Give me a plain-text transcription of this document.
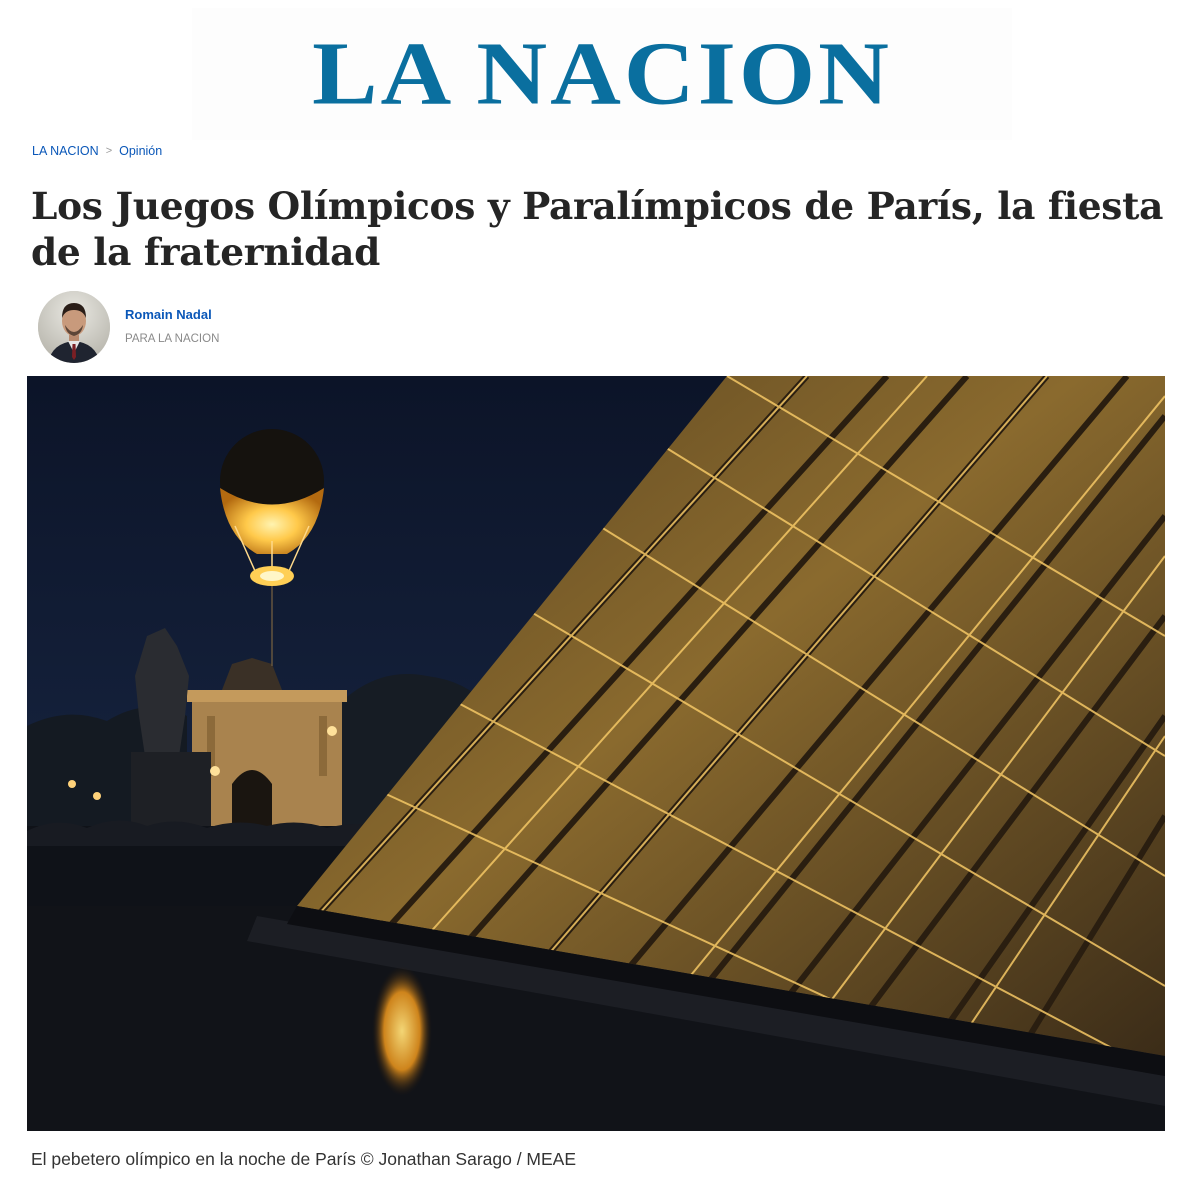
LA NACION
LA NACION > Opinión
Los Juegos Olímpicos y Paralímpicos de París, la fiesta de la fraternidad
Romain Nadal
PARA LA NACION
El pebetero olímpico en la noche de París © Jonathan Sarago / MEAE
